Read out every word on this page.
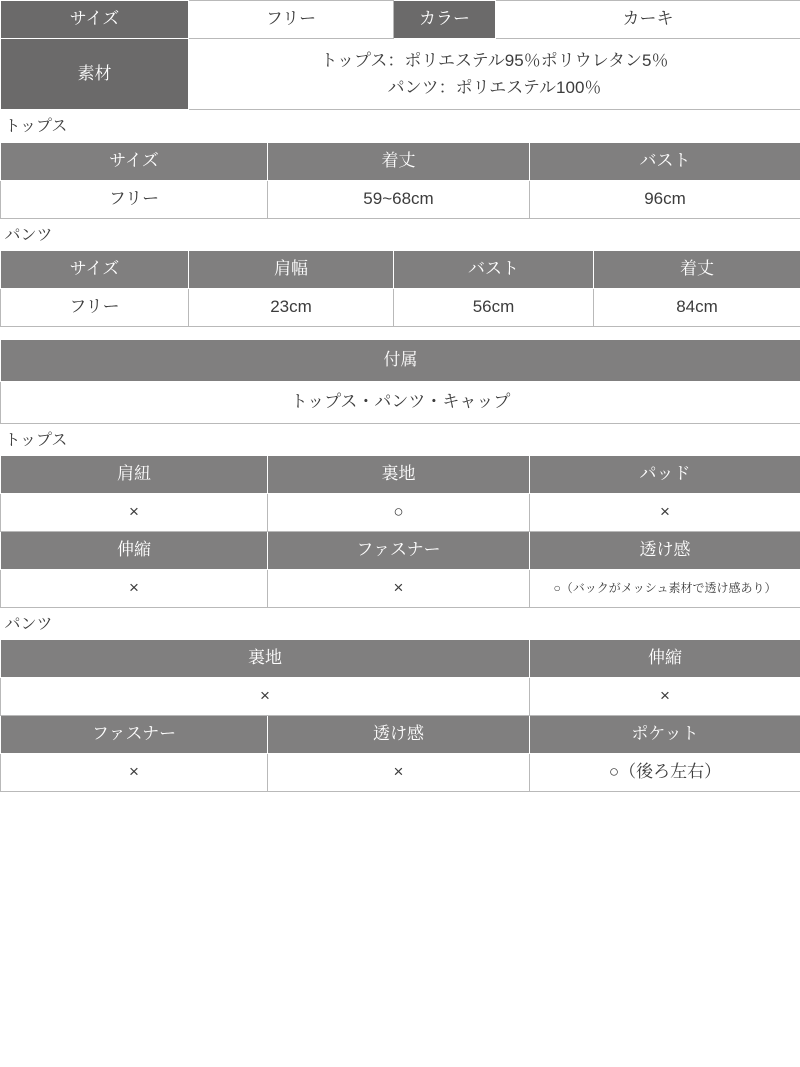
サイズ	フリー	カラー	カーキ
素材	トップス：ポリエステル95％ポリウレタン5％
パンツ：ポリエステル100％		
トップス		
サイズ	着丈	バスト
フリー	59~68cm	96cm
パンツ			
サイズ	肩幅	バスト	着丈
フリー	23cm	56cm	84cm

付属
トップス・パンツ・キャップ
トップス		
肩紐	裏地	パッド
×	○	×
伸縮	ファスナー	透け感
×	×	○（バックがメッシュ素材で透け感あり）
パンツ		
裏地		伸縮
×		×
ファスナー	透け感	ポケット
×	×	○（後ろ左右）
